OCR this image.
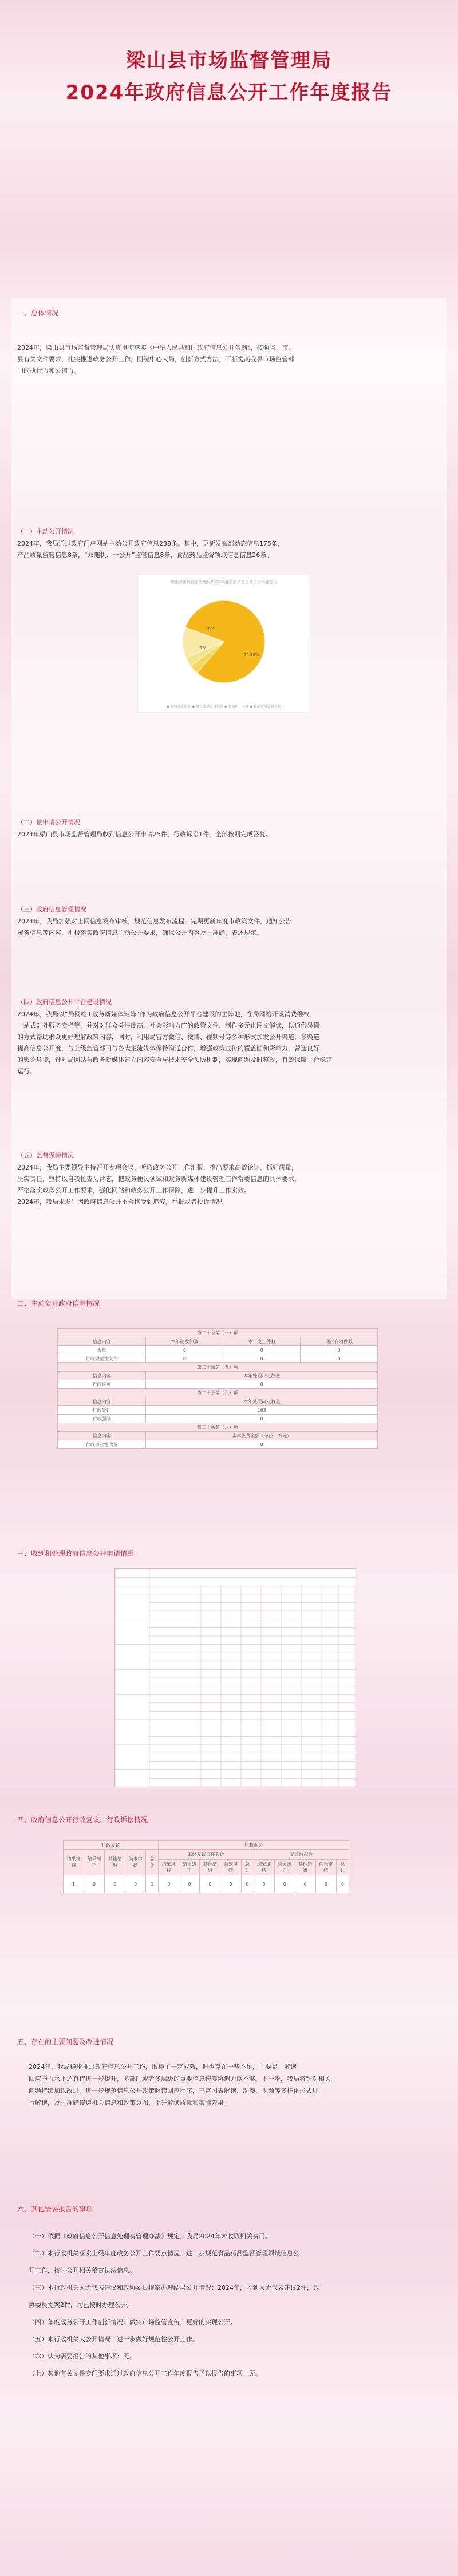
梁山县市场监督管理局
2024年政府信息公开工作年度报告
一、总体情况
2024年，梁山县市场监督管理局认真贯彻落实《中华人民共和国政府信息公开条例》，按照省、市、
县有关文件要求，扎实推进政务公开工作，围绕中心大局，创新方式方法，不断提高我县市场监管部
门的执行力和公信力。
（一）主动公开情况
2024年，我局通过政府门户网站主动公开政府信息238条。其中，更新发布部动态信息175条，
产品质量监管信息8条，“双随机、一公开”监管信息8条，食品药品监督领域信息信息26条。
梁山县市场监督管理局2024年度政府信息公开工作年度报告
74.36%
19%
7%
◆ 政府动态信息 ◆ 信息质量监督信息 ◆ 双随机一公开 ◆ 食品药品监督信息
（二）依申请公开情况
2024年梁山县市场监督管理局收到信息公开申请25件，行政诉讼1件，全部按期完成答复。
（三）政府信息管理情况
2024年，我局加强对上网信息发布审核，规范信息发布流程，完期更新年度市政策文件，通知公告、
履务信息等内容，积极落实政府信息主动公开要求，确保公开内容及时准确、表述规范。
（四）政府信息公开平台建设情况
2024年，我局以“局网站+政务新媒体矩阵”作为政府信息公开平台建设的主阵地，在局网站开设消费维权、
一站式对外服务专栏等，并对对群众关注度高、社会影响力广的政策文件、制作多元化图文解读，以通俗易懂
的方式帮助群众更好理解政策内容，同时，利用局官方微信、微博、视频号等多种形式加发公开渠道，多渠道
提高信息公开度，与上级监管部门与各大主流媒体保持沟通合作，增强政策宣传的覆盖面和影响力，营造良好
的舆论环境，针对局网站与政务新媒体建立内容安全与技术安全预防机制，实现问题及时整改，有效保障平台稳定
运行。
（五）监督保障情况
2024年，我局主要领导主持召开专项会议，听取政务公开工作汇报，提出要求高效论证、抓好质量，
压实责任，坚持以自我检查为常态，把政务便民领域和政务新媒体建设管理工作常要信息的具体要求，
严格落实政务公开工作要求，强化网站和政务公开工作保障，进一步提升工作实效。
2024年，我局未发生因政府信息公开不合格受到追究，举报或者投诉情况。
二、主动公开政府信息情况
第二十条第（一）项			
信息内容	本年制发件数	本年废止件数	现行有效件数
规章	0	0	0
行政规范性文件	0	0	0
第二十条第（五）项			
信息内容	本年处理决定数量		
行政许可	0		
第二十条第（六）项			
信息内容	本年处理决定数量		
行政处罚	163		
行政强制	0		
第二十条第（八）项			
信息内容	本年收费金额（单位：万元）		
行政事业性收费	0		
三、收到和处理政府信息公开申请情况
四、政府信息公开行政复议、行政诉讼情况
行政复议					行政诉讼									
结果维持	结果纠正	其他结果	尚未审结	总计	未经复议直接起诉					复议后起诉				
					结果维持	结果纠正	其他结果	尚未审结	总计	结果维持	结果纠正	其他结果	尚未审结	总计
1	0	0	0	1	0	0	0	0	0	0	0	0	0	0
五、存在的主要问题及改进情况
2024年，我局稳步推进政府信息公开工作，取得了一定成效，但也存在一些不足，主要是：解读
回应能力水平还有待进一步提升，多部门或者多层级的重要信息统筹协调力度不够。下一步，我局将针对相关
问题持续加以改进，进一步规范信息公开政策解读回应程序，丰富图表解读、动漫、视频等多样化形式进
行解读，及时准确传递机关信息和政策意图，提升解读质量和实际效果。
六、其他需要报告的事项
（一）依据《政府信息公开信息处理费管理办法》规定，我局2024年未收取相关费用。
（二）本行政机关落实上级年度政务公开工作要点情况：进一步规范食品药品监督管理领域信息公
开工作，按时公开相关稽查执法信息。
（三）本行政机关人大代表建议和政协委员提案办理结果公开情况：2024年，收到人大代表建议2件，政
协委员提案2件，均已按时办理公开。
（四）年度政务公开工作创新情况：做实市场监管宣传，更好的实现公开。
（五）本行政机关大公开情况：进一步做好规范性公开工作。
（六）认为需要报告的其他事项：无。
（七）其他有关文件专门要求通过政府信息公开工作年度报告予以报告的事项：无。
